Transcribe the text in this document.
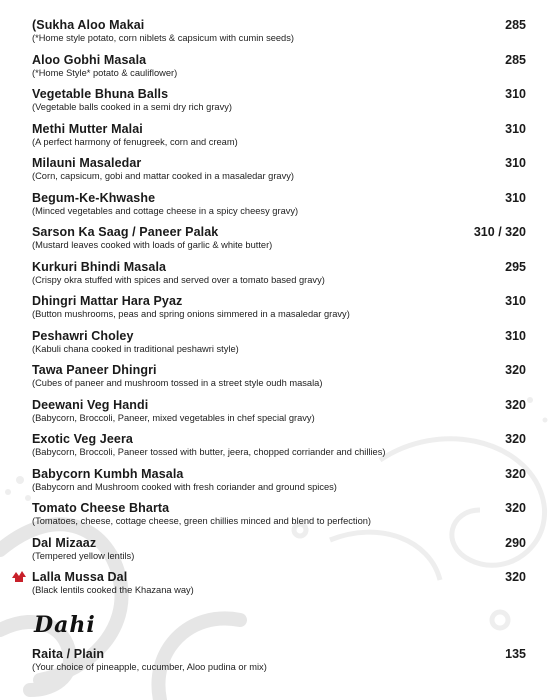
(Sukha Aloo Makai
(*Home style potato, corn niblets & capsicum with cumin seeds)
285
Aloo Gobhi Masala
(*Home Style* potato & cauliflower)
285
Vegetable Bhuna Balls
(Vegetable balls cooked in a semi dry rich gravy)
310
Methi Mutter Malai
(A perfect harmony of fenugreek, corn and cream)
310
Milauni Masaledar
(Corn, capsicum, gobi and mattar cooked in a masaledar gravy)
310
Begum-Ke-Khwashe
(Minced vegetables and cottage cheese in a spicy cheesy gravy)
310
Sarson Ka Saag / Paneer Palak
(Mustard leaves cooked with loads of garlic & white butter)
310 / 320
Kurkuri Bhindi Masala
(Crispy okra stuffed with spices and served over a tomato based gravy)
295
Dhingri Mattar Hara Pyaz
(Button mushrooms, peas and spring onions simmered in a masaledar gravy)
310
Peshawri Choley
(Kabuli chana cooked in traditional peshawri style)
310
Tawa Paneer Dhingri
(Cubes of paneer and mushroom tossed in a street style oudh masala)
320
Deewani Veg Handi
(Babycorn, Broccoli, Paneer, mixed vegetables in chef special gravy)
320
Exotic Veg Jeera
(Babycorn, Broccoli, Paneer tossed with butter, jeera, chopped corriander and chillies)
320
Babycorn Kumbh Masala
(Babycorn and Mushroom cooked with fresh coriander and ground spices)
320
Tomato Cheese Bharta
(Tomatoes, cheese, cottage cheese, green chillies minced and blend to perfection)
320
Dal Mizaaz
(Tempered yellow lentils)
290
Lalla Mussa Dal
(Black lentils cooked the Khazana way)
320
Dahi
Raita / Plain
(Your choice of pineapple, cucumber, Aloo pudina or mix)
135
